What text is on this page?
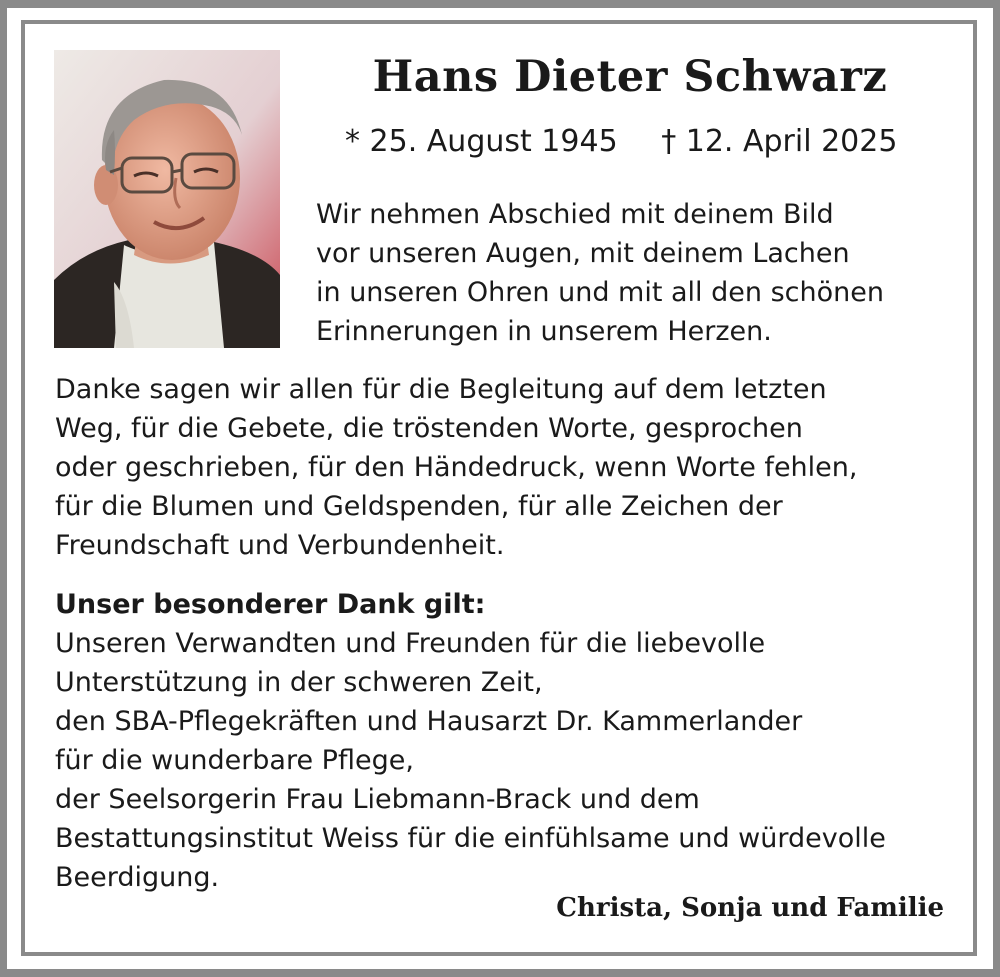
Hans Dieter Schwarz
* 25. August 1945 † 12. April 2025
Wir nehmen Abschied mit deinem Bild
vor unseren Augen, mit deinem Lachen
in unseren Ohren und mit all den schönen
Erinnerungen in unserem Herzen.
Danke sagen wir allen für die Begleitung auf dem letzten
Weg, für die Gebete, die tröstenden Worte, gesprochen
oder geschrieben, für den Händedruck, wenn Worte fehlen,
für die Blumen und Geldspenden, für alle Zeichen der
Freundschaft und Verbundenheit.
Unser besonderer Dank gilt:
Unseren Verwandten und Freunden für die liebevolle
Unterstützung in der schweren Zeit,
den SBA-Pflegekräften und Hausarzt Dr. Kammerlander
für die wunderbare Pflege,
der Seelsorgerin Frau Liebmann-Brack und dem
Bestattungsinstitut Weiss für die einfühlsame und würdevolle
Beerdigung.
Christa, Sonja und Familie
